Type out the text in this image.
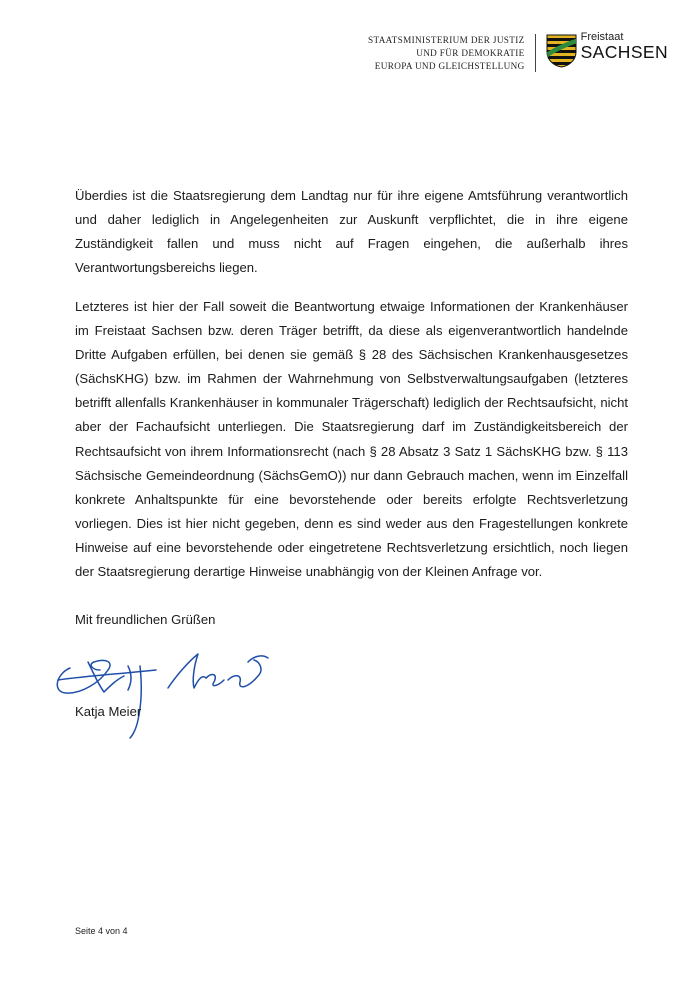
STAATSMINISTERIUM DER JUSTIZ
UND FÜR DEMOKRATIE
EUROPA UND GLEICHSTELLUNG
Freistaat
SACHSEN

Überdies ist die Staatsregierung dem Landtag nur für ihre eigene Amtsführung verantwortlich und daher lediglich in Angelegenheiten zur Auskunft verpflichtet, die in ihre eigene Zuständigkeit fallen und muss nicht auf Fragen eingehen, die außerhalb ihres Verantwortungsbereichs liegen.

Letzteres ist hier der Fall soweit die Beantwortung etwaige Informationen der Krankenhäuser im Freistaat Sachsen bzw. deren Träger betrifft, da diese als eigenverantwortlich handelnde Dritte Aufgaben erfüllen, bei denen sie gemäß § 28 des Sächsischen Krankenhausgesetzes (SächsKHG) bzw. im Rahmen der Wahrnehmung von Selbstverwaltungsaufgaben (letzteres betrifft allenfalls Krankenhäuser in kommunaler Trägerschaft) lediglich der Rechtsaufsicht, nicht aber der Fachaufsicht unterliegen. Die Staatsregierung darf im Zuständigkeitsbereich der Rechtsaufsicht von ihrem Informationsrecht (nach § 28 Absatz 3 Satz 1 SächsKHG bzw. § 113 Sächsische Gemeindeordnung (SächsGemO)) nur dann Gebrauch machen, wenn im Einzelfall konkrete Anhaltspunkte für eine bevorstehende oder bereits erfolgte Rechtsverletzung vorliegen. Dies ist hier nicht gegeben, denn es sind weder aus den Fragestellungen konkrete Hinweise auf eine bevorstehende oder eingetretene Rechtsverletzung ersichtlich, noch liegen der Staatsregierung derartige Hinweise unabhängig von der Kleinen Anfrage vor.

Mit freundlichen Grüßen
Katja Meier
Seite 4 von 4
